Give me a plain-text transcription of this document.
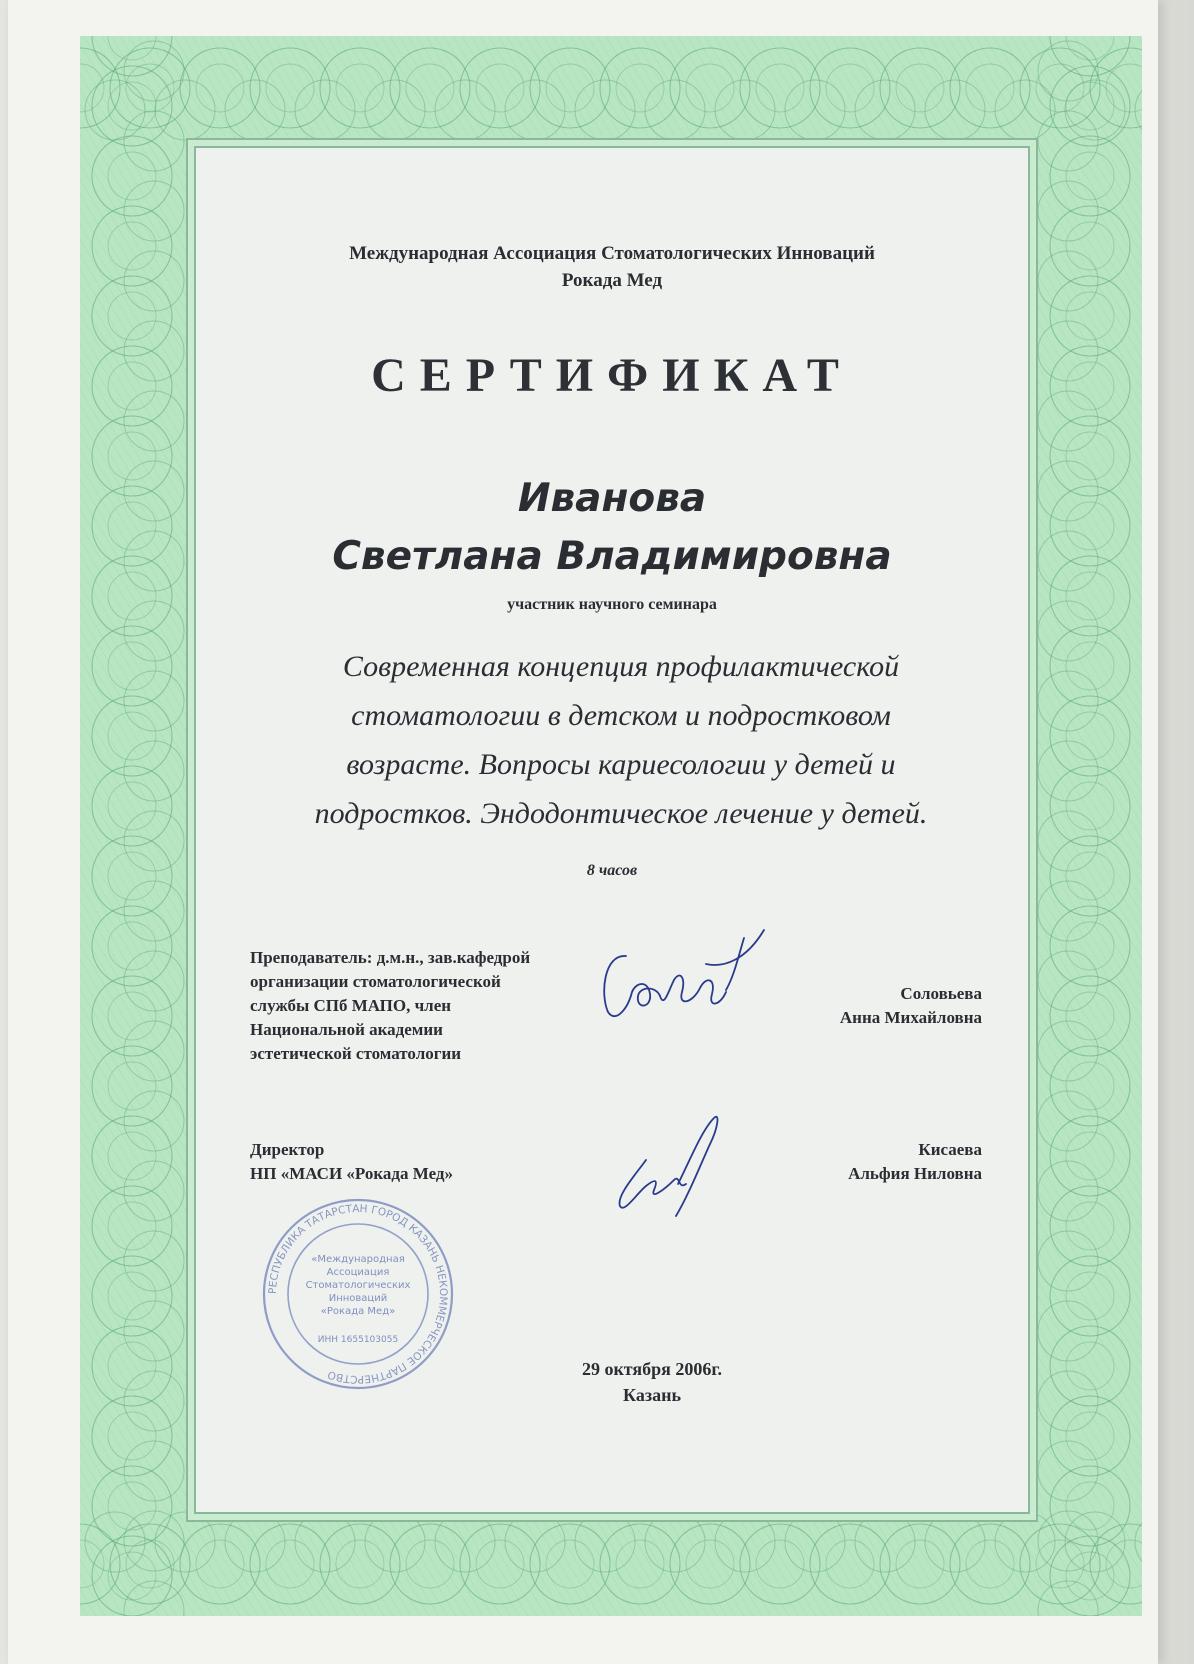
Международная Ассоциация Стоматологических Инноваций
Рокада Мед
СЕРТИФИКАТ
Иванова
Светлана Владимировна
участник научного семинара
Современная концепция профилактической
стоматологии в детском и подростковом
возрасте. Вопросы кариесологии у детей и
подростков. Эндодонтическое лечение у детей.
8 часов
Преподаватель: д.м.н., зав.кафедрой
организации стоматологической
службы СПб МАПО, член
Национальной академии
эстетической стоматологии
Соловьева
Анна Михайловна
Директор
НП «МАСИ «Рокада Мед»
Кисаева
Альфия Ниловна
РЕСПУБЛИКА ТАТАРСТАН ГОРОД КАЗАНЬ НЕКОММЕРЧЕСКОЕ ПАРТНЕРСТВО
«Международная
Ассоциация
Стоматологических
Инноваций
«Рокада Мед»
ИНН 1655103055
29 октября 2006г.
Казань
